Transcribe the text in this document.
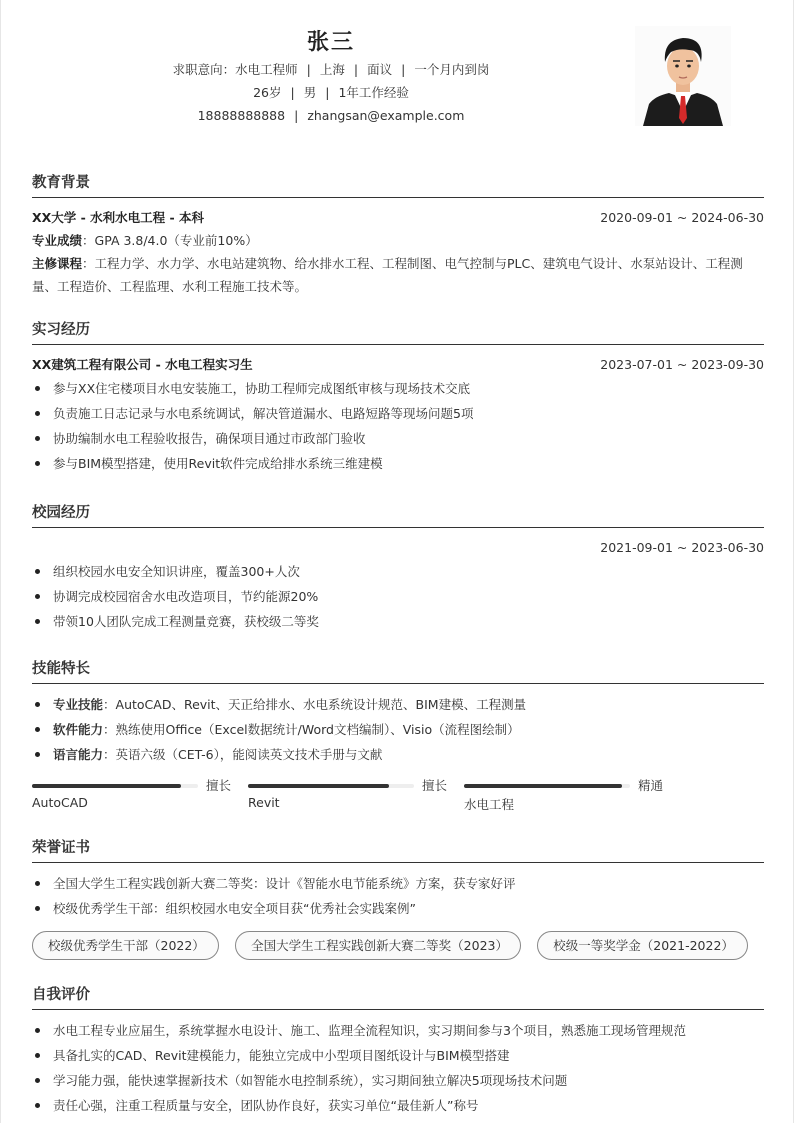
张三
求职意向：水电工程师 | 上海 | 面议 | 一个月内到岗
26岁 | 男 | 1年工作经验
18888888888 | zhangsan@example.com
教育背景
XX大学 - 水利水电工程 - 本科	2020-09-01 ~ 2024-06-30
专业成绩：GPA 3.8/4.0（专业前10%）
主修课程：工程力学、水力学、水电站建筑物、给水排水工程、工程制图、电气控制与PLC、建筑电气设计、水泵站设计、工程测量、工程造价、工程监理、水利工程施工技术等。
实习经历
XX建筑工程有限公司 - 水电工程实习生	2023-07-01 ~ 2023-09-30
参与XX住宅楼项目水电安装施工，协助工程师完成图纸审核与现场技术交底
负责施工日志记录与水电系统调试，解决管道漏水、电路短路等现场问题5项
协助编制水电工程验收报告，确保项目通过市政部门验收
参与BIM模型搭建，使用Revit软件完成给排水系统三维建模
校园经历
2021-09-01 ~ 2023-06-30
组织校园水电安全知识讲座，覆盖300+人次
协调完成校园宿舍水电改造项目，节约能源20%
带领10人团队完成工程测量竞赛，获校级二等奖
技能特长
专业技能：AutoCAD、Revit、天正给排水、水电系统设计规范、BIM建模、工程测量
软件能力：熟练使用Office（Excel数据统计/Word文档编制）、Visio（流程图绘制）
语言能力：英语六级（CET-6），能阅读英文技术手册与文献
擅长
AutoCAD
擅长
Revit
精通
水电工程
荣誉证书
全国大学生工程实践创新大赛二等奖：设计《智能水电节能系统》方案，获专家好评
校级优秀学生干部：组织校园水电安全项目获“优秀社会实践案例”
校级优秀学生干部（2022）	全国大学生工程实践创新大赛二等奖（2023）	校级一等奖学金（2021-2022）
自我评价
水电工程专业应届生，系统掌握水电设计、施工、监理全流程知识，实习期间参与3个项目，熟悉施工现场管理规范
具备扎实的CAD、Revit建模能力，能独立完成中小型项目图纸设计与BIM模型搭建
学习能力强，能快速掌握新技术（如智能水电控制系统），实习期间独立解决5项现场技术问题
责任心强，注重工程质量与安全，团队协作良好，获实习单位“最佳新人”称号
